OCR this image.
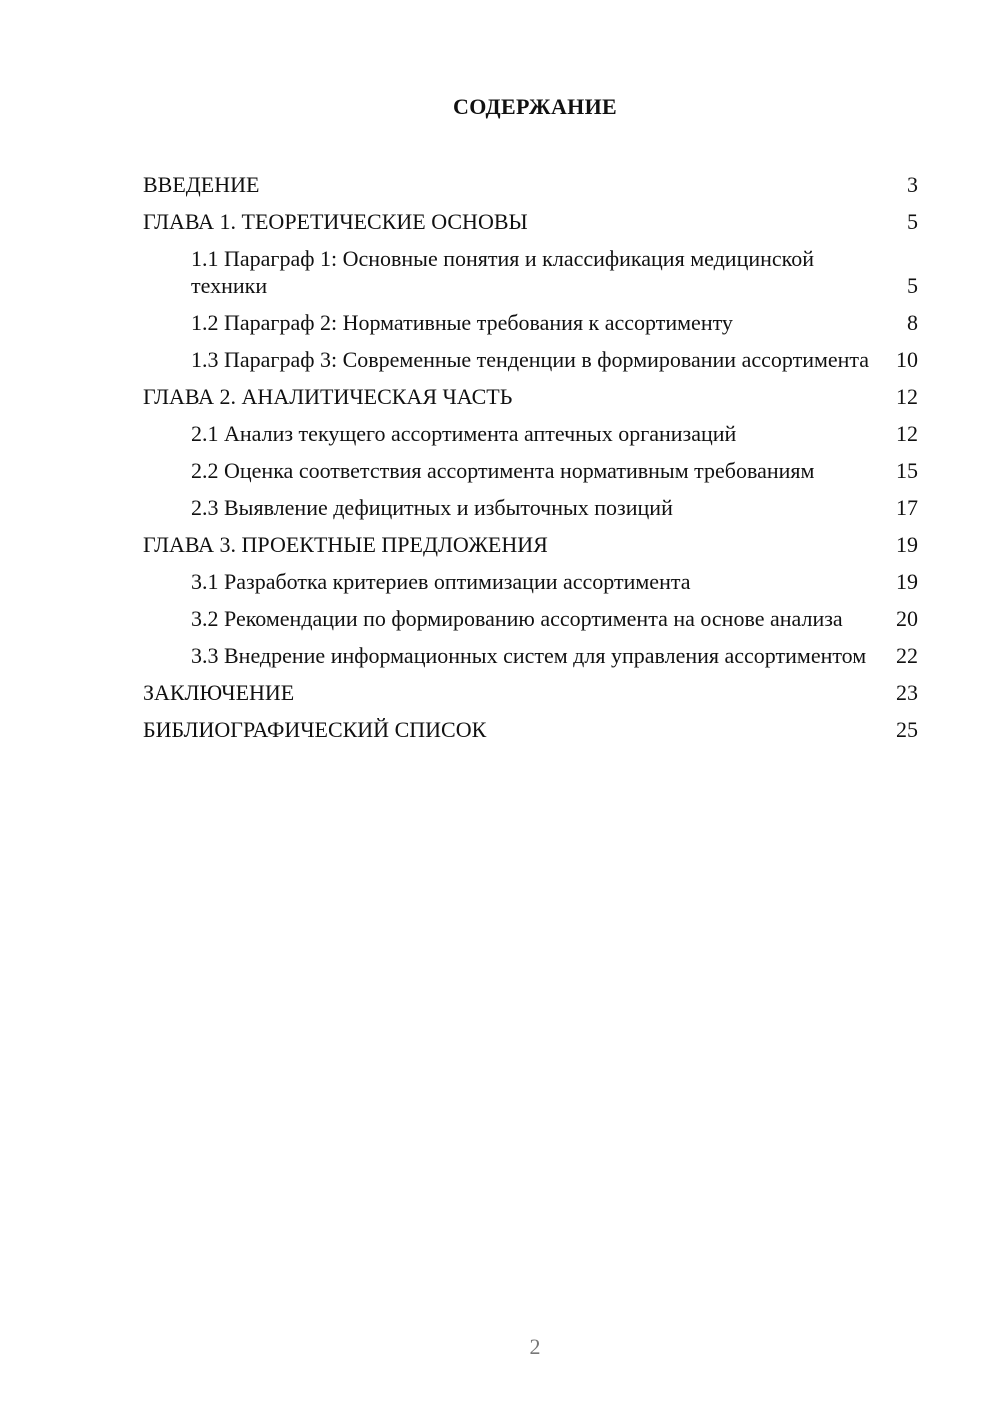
СОДЕРЖАНИЕ
ВВЕДЕНИЕ	3
ГЛАВА 1. ТЕОРЕТИЧЕСКИЕ ОСНОВЫ	5
1.1 Параграф 1: Основные понятия и классификация медицинской техники	5
1.2 Параграф 2: Нормативные требования к ассортименту	8
1.3 Параграф 3: Современные тенденции в формировании ассортимента	10
ГЛАВА 2. АНАЛИТИЧЕСКАЯ ЧАСТЬ	12
2.1 Анализ текущего ассортимента аптечных организаций	12
2.2 Оценка соответствия ассортимента нормативным требованиям	15
2.3 Выявление дефицитных и избыточных позиций	17
ГЛАВА 3. ПРОЕКТНЫЕ ПРЕДЛОЖЕНИЯ	19
3.1 Разработка критериев оптимизации ассортимента	19
3.2 Рекомендации по формированию ассортимента на основе анализа	20
3.3 Внедрение информационных систем для управления ассортиментом	22
ЗАКЛЮЧЕНИЕ	23
БИБЛИОГРАФИЧЕСКИЙ СПИСОК	25
2
